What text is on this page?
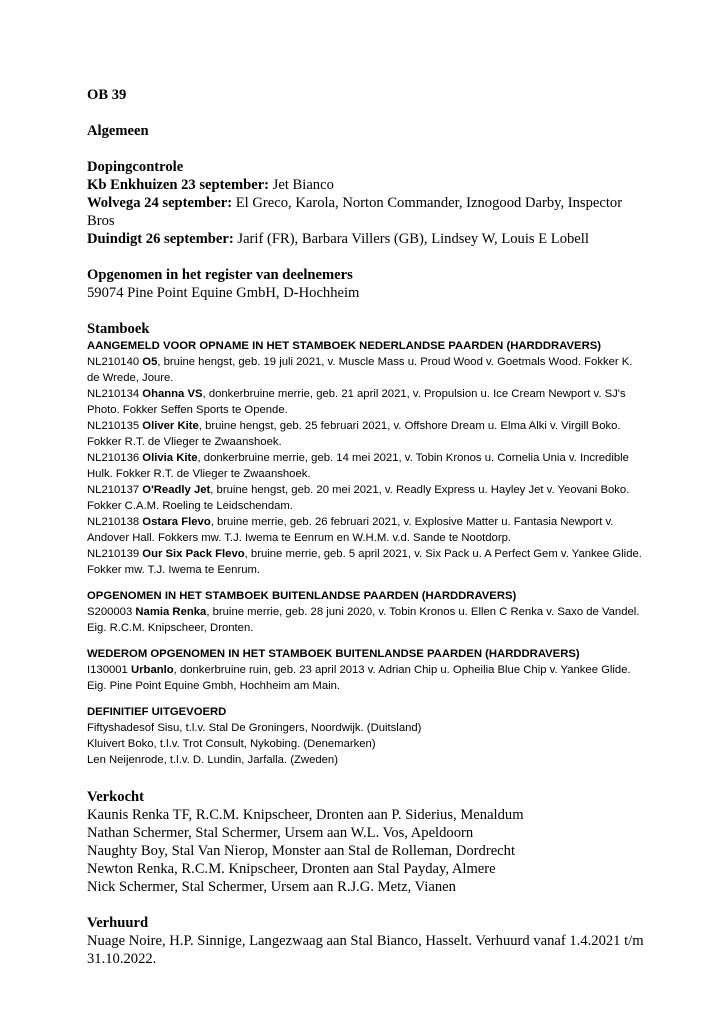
OB 39

Algemeen

Dopingcontrole

Kb Enkhuizen 23 september: Jet Bianco

Wolvega 24 september: El Greco, Karola, Norton Commander, Iznogood Darby, Inspector Bros

Duindigt 26 september: Jarif (FR), Barbara Villers (GB), Lindsey W, Louis E Lobell

Opgenomen in het register van deelnemers

59074 Pine Point Equine GmbH, D-Hochheim

Stamboek

AANGEMELD VOOR OPNAME IN HET STAMBOEK NEDERLANDSE PAARDEN (HARDDRAVERS)

NL210140 O5, bruine hengst, geb. 19 juli 2021, v. Muscle Mass u. Proud Wood v. Goetmals Wood. Fokker K. de Wrede, Joure.

NL210134 Ohanna VS, donkerbruine merrie, geb. 21 april 2021, v. Propulsion u. Ice Cream Newport v. SJ's Photo. Fokker Seffen Sports te Opende.

NL210135 Oliver Kite, bruine hengst, geb. 25 februari 2021, v. Offshore Dream u. Elma Alki v. Virgill Boko. Fokker R.T. de Vlieger te Zwaanshoek.

NL210136 Olivia Kite, donkerbruine merrie, geb. 14 mei 2021, v. Tobin Kronos u. Cornelia Unia v. Incredible Hulk. Fokker R.T. de Vlieger te Zwaanshoek.

NL210137 O'Readly Jet, bruine hengst, geb. 20 mei 2021, v. Readly Express u. Hayley Jet v. Yeovani Boko. Fokker C.A.M. Roeling te Leidschendam.

NL210138 Ostara Flevo, bruine merrie, geb. 26 februari 2021, v. Explosive Matter u. Fantasia Newport v. Andover Hall. Fokkers mw. T.J. Iwema te Eenrum en W.H.M. v.d. Sande te Nootdorp.

NL210139 Our Six Pack Flevo, bruine merrie, geb. 5 april 2021, v. Six Pack u. A Perfect Gem v. Yankee Glide. Fokker mw. T.J. Iwema te Eenrum.

OPGENOMEN IN HET STAMBOEK BUITENLANDSE PAARDEN (HARDDRAVERS)

S200003 Namia Renka, bruine merrie, geb. 28 juni 2020, v. Tobin Kronos u. Ellen C Renka v. Saxo de Vandel. Eig. R.C.M. Knipscheer, Dronten.

WEDEROM OPGENOMEN IN HET STAMBOEK BUITENLANDSE PAARDEN (HARDDRAVERS)

I130001 Urbanlo, donkerbruine ruin, geb. 23 april 2013 v. Adrian Chip u. Opheilia Blue Chip v. Yankee Glide. Eig. Pine Point Equine Gmbh, Hochheim am Main.

DEFINITIEF UITGEVOERD

Fiftyshadesof Sisu, t.l.v. Stal De Groningers, Noordwijk. (Duitsland)

Kluivert Boko, t.l.v. Trot Consult, Nykobing. (Denemarken)

Len Neijenrode, t.l.v. D. Lundin, Jarfalla. (Zweden)

Verkocht

Kaunis Renka TF, R.C.M. Knipscheer, Dronten aan P. Siderius, Menaldum

Nathan Schermer, Stal Schermer, Ursem aan W.L. Vos, Apeldoorn

Naughty Boy, Stal Van Nierop, Monster aan Stal de Rolleman, Dordrecht

Newton Renka, R.C.M. Knipscheer, Dronten aan Stal Payday, Almere

Nick Schermer, Stal Schermer, Ursem aan R.J.G. Metz, Vianen

Verhuurd

Nuage Noire, H.P. Sinnige, Langezwaag aan Stal Bianco, Hasselt. Verhuurd vanaf 1.4.2021 t/m 31.10.2022.
